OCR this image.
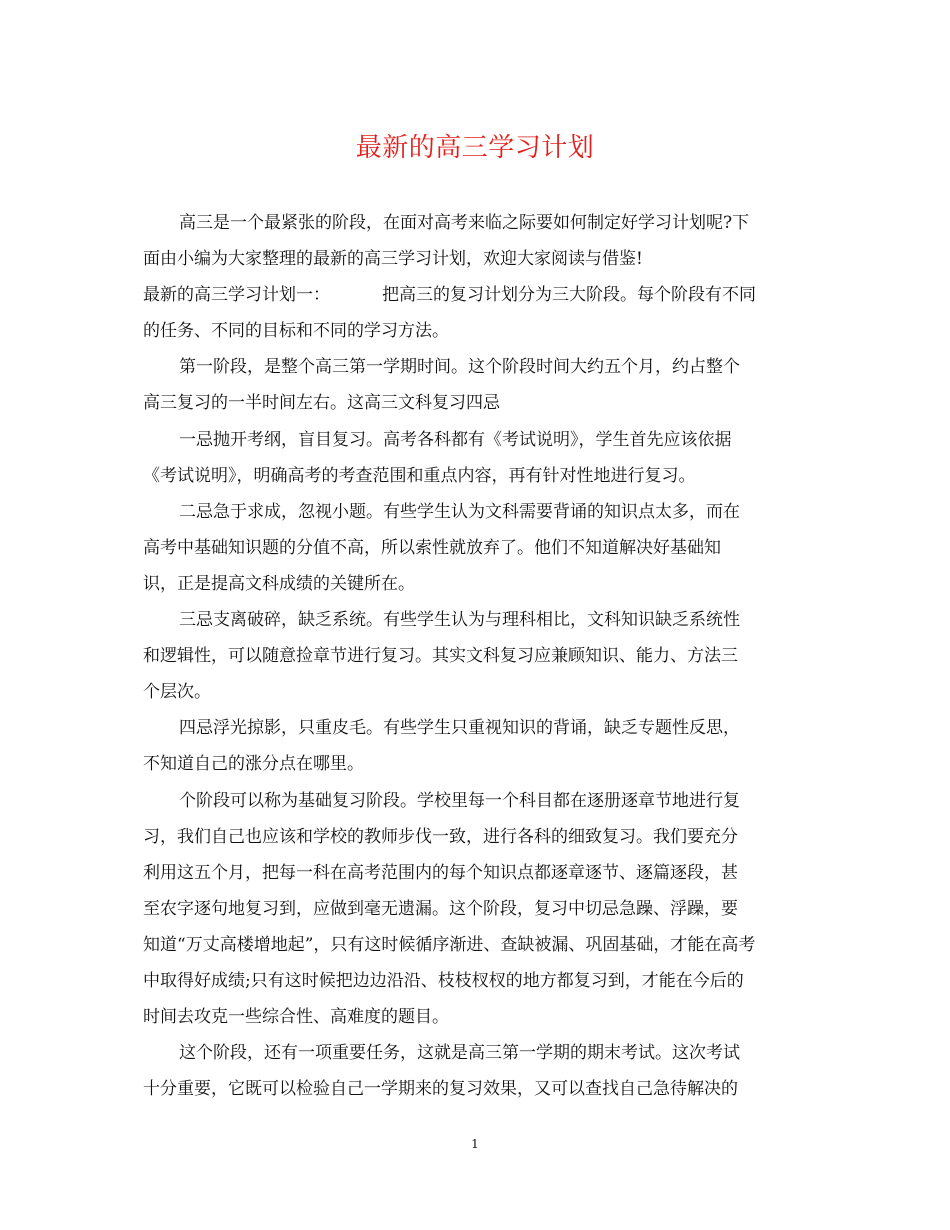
最新的高三学习计划

高三是一个最紧张的阶段，在面对高考来临之际要如何制定好学习计划呢?下

面由小编为大家整理的最新的高三学习计划，欢迎大家阅读与借鉴!

最新的高三学习计划一：	把高三的复习计划分为三大阶段。每个阶段有不同

的任务、不同的目标和不同的学习方法。

第一阶段，是整个高三第一学期时间。这个阶段时间大约五个月，约占整个

高三复习的一半时间左右。这高三文科复习四忌

一忌抛开考纲，盲目复习。高考各科都有《考试说明》，学生首先应该依据

《考试说明》，明确高考的考查范围和重点内容，再有针对性地进行复习。

二忌急于求成，忽视小题。有些学生认为文科需要背诵的知识点太多，而在

高考中基础知识题的分值不高，所以索性就放弃了。他们不知道解决好基础知

识，正是提高文科成绩的关键所在。

三忌支离破碎，缺乏系统。有些学生认为与理科相比，文科知识缺乏系统性

和逻辑性，可以随意捡章节进行复习。其实文科复习应兼顾知识、能力、方法三

个层次。

四忌浮光掠影，只重皮毛。有些学生只重视知识的背诵，缺乏专题性反思，

不知道自己的涨分点在哪里。

个阶段可以称为基础复习阶段。学校里每一个科目都在逐册逐章节地进行复

习，我们自己也应该和学校的教师步伐一致，进行各科的细致复习。我们要充分

利用这五个月，把每一科在高考范围内的每个知识点都逐章逐节、逐篇逐段，甚

至农字逐句地复习到，应做到毫无遗漏。这个阶段，复习中切忌急躁、浮躁，要

知道“万丈高楼增地起”，只有这时候循序渐进、查缺被漏、巩固基础，才能在高考

中取得好成绩;只有这时候把边边沿沿、枝枝杈杈的地方都复习到，才能在今后的

时间去攻克一些综合性、高难度的题目。

这个阶段，还有一项重要任务，这就是高三第一学期的期末考试。这次考试

十分重要，它既可以检验自己一学期来的复习效果，又可以查找自己急待解决的

1
